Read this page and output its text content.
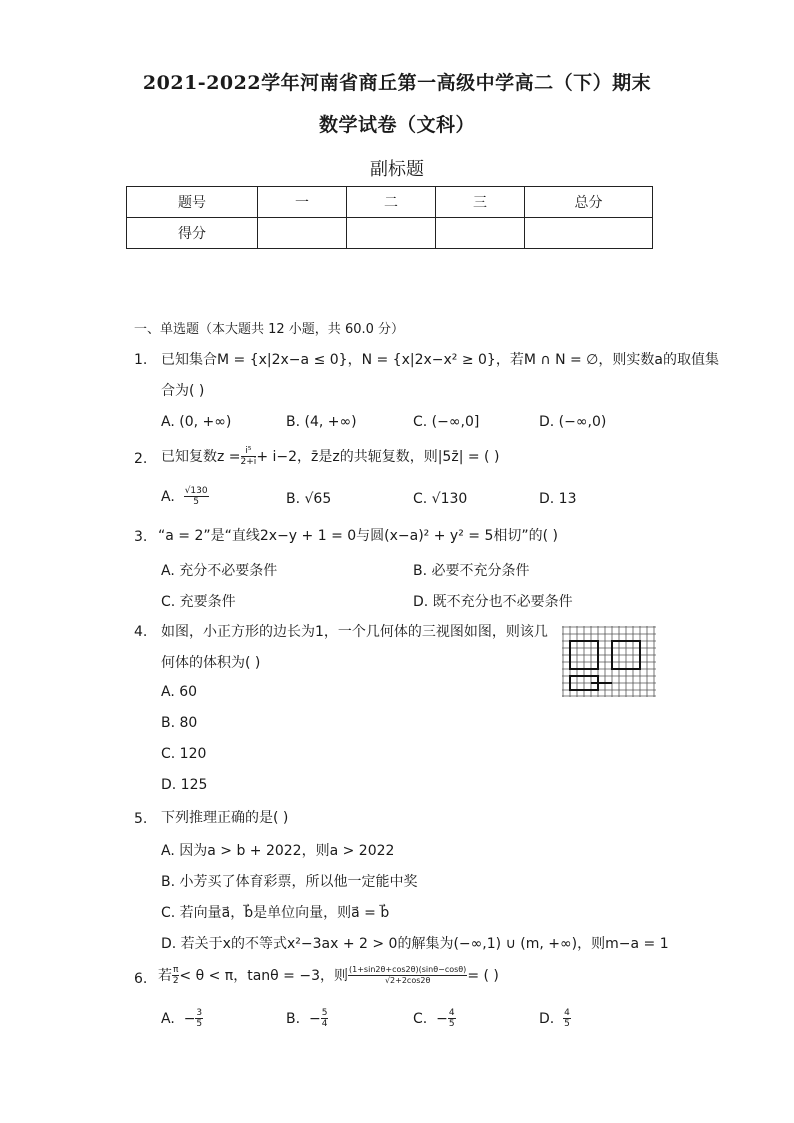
2021-2022学年河南省商丘第一高级中学高二（下）期末
数学试卷（文科）
副标题
题号	一	二	三	总分
得分				
一、单选题（本大题共 12 小题，共 60.0 分）
1. 已知集合M = {x|2x−a ≤ 0}，N = {x|2x−x² ≥ 0}，若M ∩ N = ∅，则实数a的取值集
合为( )
A. (0, +∞)	B. (4, +∞)	C. (−∞,0]	D. (−∞,0)
2. 已知复数$z = \frac{\text{i⁵}}{2+i} + i-2$，z̄是z的共轭复数，则|5z̄| = ( )
A.
$\frac{√130}{5}$	B. √65	C. √130	D. 13
3. “a = 2”是“直线2x−y + 1 = 0与圆(x−a)² + y² = 5相切”的( )
A. 充分不必要条件	B. 必要不充分条件
C. 充要条件	D. 既不充分也不必要条件
4. 如图，小正方形的边长为1，一个几何体的三视图如图，则该几
何体的体积为( )
A. 60
B. 80
C. 120
D. 125
5. 下列推理正确的是( )
A. 因为a > b + 2022，则a > 2022
B. 小芳买了体育彩票，所以他一定能中奖
C. 若向量a⃗，b⃗是单位向量，则a⃗ = b⃗
D. 若关于x的不等式x²−3ax + 2 > 0的解集为(−∞,1) ∪ (m, +∞)，则m−a = 1
6. 若 $\frac{\pi}{2} < \theta < \pi$，tanθ = −3，则 $\frac{(1+\sin 2\theta+\cos 2\theta)(\sin\theta-\cos\theta)}{√2+2\cos 2\theta}$ = ( )
A.
− $\frac{3}{5}$	B.
− $\frac{5}{4}$	C.
− $\frac{4}{5}$	D.
$\frac{4}{5}$
